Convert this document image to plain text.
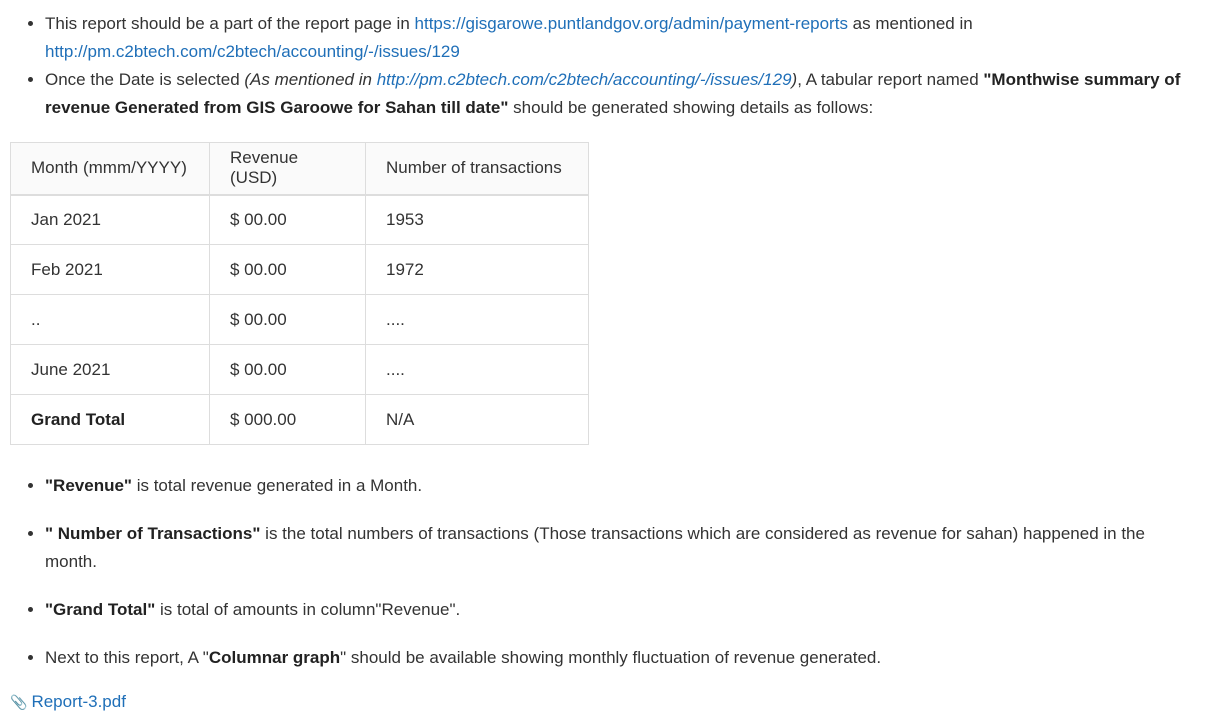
• This report should be a part of the report page in https://gisgarowe.puntlandgov.org/admin/payment-reports as mentioned in http://pm.c2btech.com/c2btech/accounting/-/issues/129
• Once the Date is selected (As mentioned in http://pm.c2btech.com/c2btech/accounting/-/issues/129), A tabular report named "Monthwise summary of revenue Generated from GIS Garoowe for Sahan till date" should be generated showing details as follows:
Month (mmm/YYYY)	Revenue (USD)	Number of transactions
Jan 2021	$ 00.00	1953
Feb 2021	$ 00.00	1972
..	$ 00.00	....
June 2021	$ 00.00	....
Grand Total	$ 000.00	N/A
• "Revenue" is total revenue generated in a Month.
• " Number of Transactions" is the total numbers of transactions (Those transactions which are considered as revenue for sahan) happened in the month.
• "Grand Total" is total of amounts in column"Revenue".
• Next to this report, A "Columnar graph" should be available showing monthly fluctuation of revenue generated.
📎 Report-3.pdf
